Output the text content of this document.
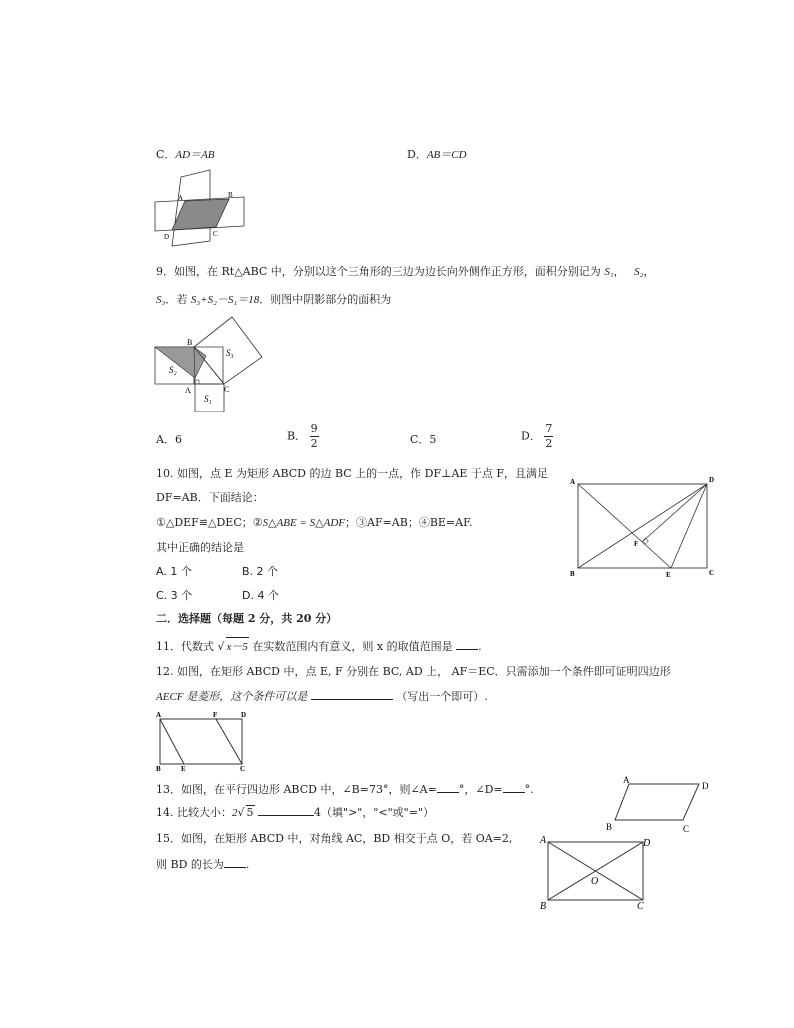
C．AD＝AB	D．AB＝CD
A	B
D	C
9．如图，在 Rt△ABC 中，分别以这个三角形的三边为边长向外侧作正方形，面积分别记为 S₁， S₂，
S₃．若 S₃+S₂－S₁＝18．则图中阴影部分的面积为
B
A	C
S₂
S₃
S₁
A．6	B． $\frac{9}{2}$	C．5	D． $\frac{7}{2}$
10. 如图，点 E 为矩形 ABCD 的边 BC 上的一点，作 DF⊥AE 于点 F，且满足
DF=AB．下面结论：
①△DEF≌△DEC；②S△ABE = S△ADF；③AF=AB；④BE=AF.
其中正确的结论是
A. 1 个	B. 2 个
C. 3 个	D. 4 个
A	D
B	C
E
F
二．选择题（每题 2 分，共 20 分）
11．代数式 √ x－5 在实数范围内有意义，则 x 的取值范围是 .
12. 如图，在矩形 ABCD 中，点 E, F 分别在 BC, AD 上， AF＝EC．只需添加一个条件即可证明四边形
AECF 是菱形，这个条件可以是	（写出一个即可）.
A	F	D
B	E	C
13．如图，在平行四边形 ABCD 中，∠B=73°，则∠A= °，∠D= °.
A
D
B	C
14. 比较大小：2√ 5	4（填">"，"<"或"="）
15．如图，在矩形 ABCD 中，对角线 AC，BD 相交于点 O，若 OA=2,
则 BD 的长为 .
A	D
B	C
O
